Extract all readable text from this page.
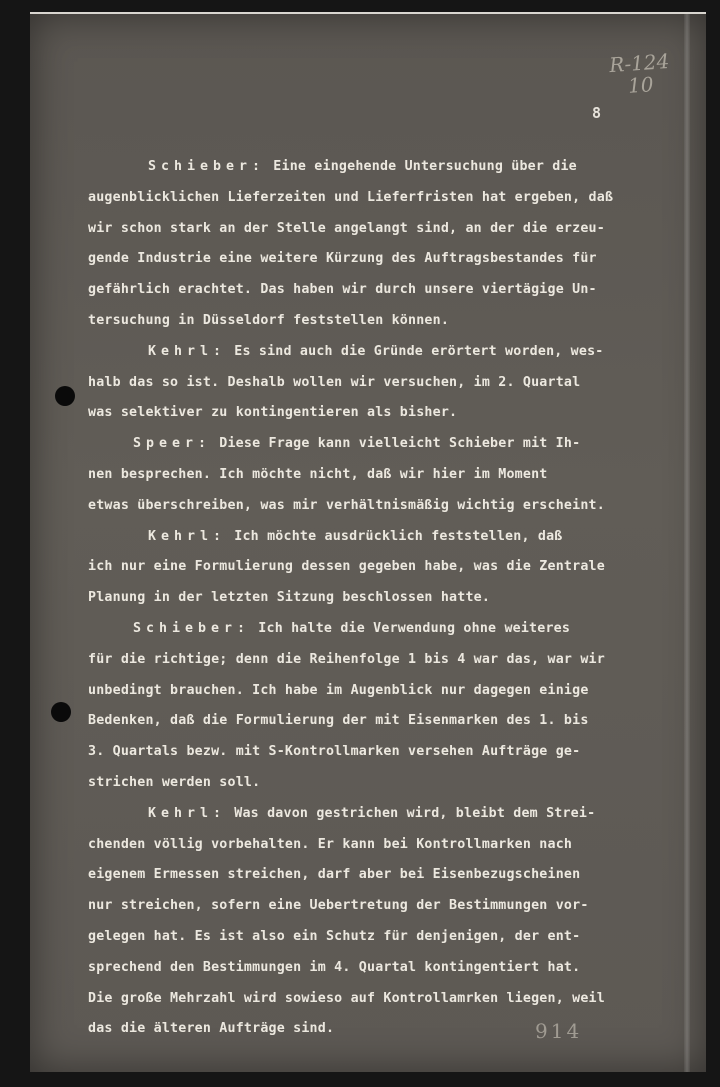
R-124
10
8
Schieber: Eine eingehende Untersuchung über die
augenblicklichen Lieferzeiten und Lieferfristen hat ergeben, daß
wir schon stark an der Stelle angelangt sind, an der die erzeu-
gende Industrie eine weitere Kürzung des Auftragsbestandes für
gefährlich erachtet. Das haben wir durch unsere viertägige Un-
tersuchung in Düsseldorf feststellen können.
Kehrl: Es sind auch die Gründe erörtert worden, wes-
halb das so ist. Deshalb wollen wir versuchen, im 2. Quartal
was selektiver zu kontingentieren als bisher.
Speer: Diese Frage kann vielleicht Schieber mit Ih-
nen besprechen. Ich möchte nicht, daß wir hier im Moment
etwas überschreiben, was mir verhältnismäßig wichtig erscheint.
Kehrl: Ich möchte ausdrücklich feststellen, daß
ich nur eine Formulierung dessen gegeben habe, was die Zentrale
Planung in der letzten Sitzung beschlossen hatte.
Schieber: Ich halte die Verwendung ohne weiteres
für die richtige; denn die Reihenfolge 1 bis 4 war das, war wir
unbedingt brauchen. Ich habe im Augenblick nur dagegen einige
Bedenken, daß die Formulierung der mit Eisenmarken des 1. bis
3. Quartals bezw. mit S-Kontrollmarken versehen Aufträge ge-
strichen werden soll.
Kehrl: Was davon gestrichen wird, bleibt dem Strei-
chenden völlig vorbehalten. Er kann bei Kontrollmarken nach
eigenem Ermessen streichen, darf aber bei Eisenbezugscheinen
nur streichen, sofern eine Uebertretung der Bestimmungen vor-
gelegen hat. Es ist also ein Schutz für denjenigen, der ent-
sprechend den Bestimmungen im 4. Quartal kontingentiert hat.
Die große Mehrzahl wird sowieso auf Kontrollamrken liegen, weil
das die älteren Aufträge sind.	914
